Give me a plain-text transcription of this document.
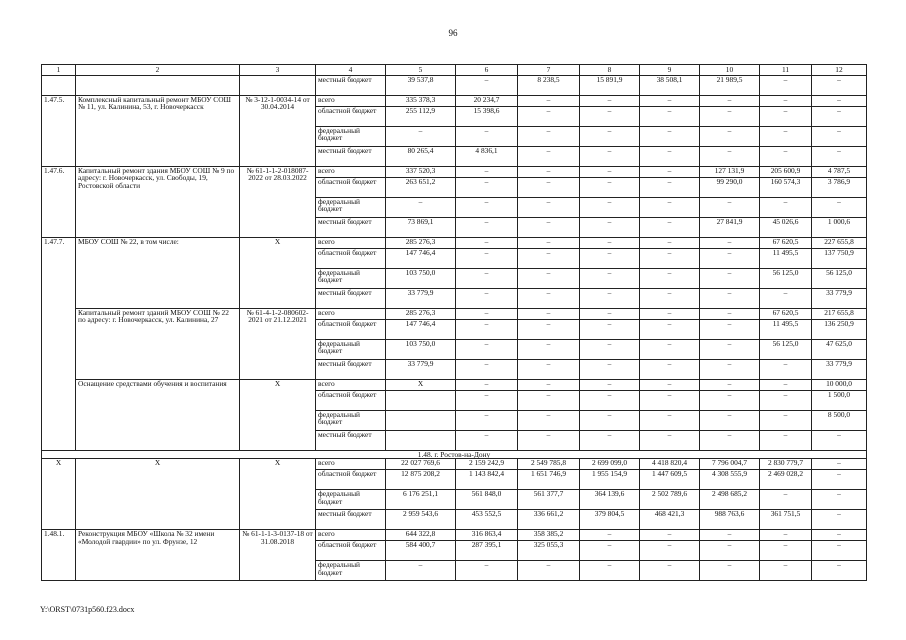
96
1	2	3	4	5	6	7	8	9	10	11	12
			местный бюджет	39 537,8	–	8 238,5	15 891,9	38 508,1	21 989,5	–	–
1.47.5.	Комплексный капитальный ремонт МБОУ СОШ № 11, ул. Калинина, 53, г. Новочеркасск	№ 3-12-1-0034-14 от 30.04.2014	всего	335 378,3	20 234,7	–	–	–	–	–	–
			областной бюджет	255 112,9	15 398,6	–	–	–	–	–	–
			федеральный бюджет	–	–	–	–	–	–	–	–
			местный бюджет	80 265,4	4 836,1	–	–	–	–	–	–
1.47.6.	Капитальный ремонт здания МБОУ СОШ № 9 по адресу: г. Новочеркасск, ул. Свободы, 19, Ростовской области	№ 61-1-1-2-018087-2022 от 28.03.2022	всего	337 520,3	–	–	–	–	127 131,9	205 600,9	4 787,5
			областной бюджет	263 651,2	–	–	–	–	99 290,0	160 574,3	3 786,9
			федеральный бюджет	–	–	–	–	–	–	–	–
			местный бюджет	73 869,1	–	–	–	–	27 841,9	45 026,6	1 000,6
1.47.7.	МБОУ СОШ № 22, в том числе:	Х	всего	285 276,3	–	–	–	–	–	67 620,5	227 655,8
			областной бюджет	147 746,4	–	–	–	–	–	11 495,5	137 750,9
			федеральный бюджет	103 750,0	–	–	–	–	–	56 125,0	56 125,0
			местный бюджет	33 779,9	–	–	–	–	–	–	33 779,9
	Капитальный ремонт зданий МБОУ СОШ № 22 по адресу: г. Новочеркасск, ул. Калинина, 27	№ 61-4-1-2-080602-2021 от 21.12.2021	всего	285 276,3	–	–	–	–	–	67 620,5	217 655,8
			областной бюджет	147 746,4	–	–	–	–	–	11 495,5	136 250,9
			федеральный бюджет	103 750,0	–	–	–	–	–	56 125,0	47 625,0
			местный бюджет	33 779,9	–	–	–	–	–	–	33 779,9
	Оснащение средствами обучения и воспитания	Х	всего	Х	–	–	–	–	–	–	10 000,0
			областной бюджет		–	–	–	–	–	–	1 500,0
			федеральный бюджет		–	–	–	–	–	–	8 500,0
			местный бюджет		–	–	–	–	–	–	–
1.48. г. Ростов-на-Дону											
Х	Х	Х	всего	22 027 769,6	2 159 242,9	2 549 785,8	2 699 099,0	4 418 820,4	7 796 004,7	2 830 779,7	–
			областной бюджет	12 875 208,2	1 143 842,4	1 651 746,9	1 955 154,9	1 447 609,5	4 308 555,9	2 469 028,2	–
			федеральный бюджет	6 176 251,1	561 848,0	561 377,7	364 139,6	2 502 789,6	2 498 685,2	–	–
			местный бюджет	2 959 543,6	453 552,5	336 661,2	379 804,5	468 421,3	988 763,6	361 751,5	–
1.48.1.	Реконструкция МБОУ «Школа № 32 имени «Молодой гвардии» по ул. Фрунзе, 12	№ 61-1-1-3-0137-18 от 31.08.2018	всего	644 322,8	316 863,4	358 385,2	–	–	–	–	–
			областной бюджет	584 400,7	287 395,1	325 055,3	–	–	–	–	–
			федеральный бюджет	–	–	–	–	–	–	–	–
Y:\ORST\0731p560.f23.docx
